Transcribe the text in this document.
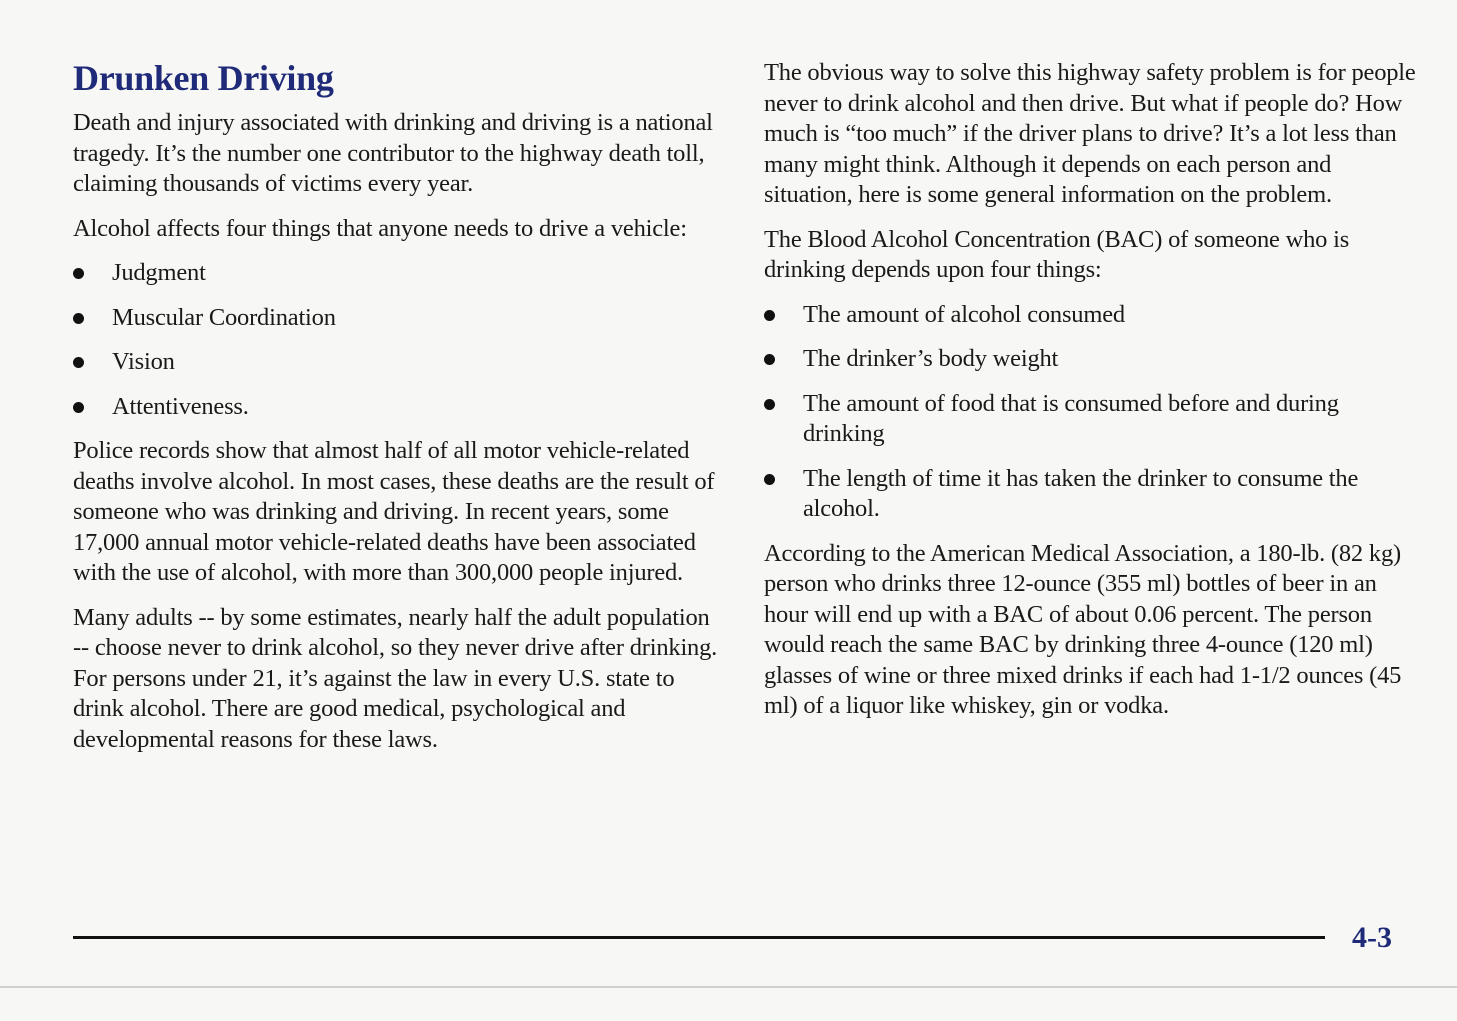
Drunken Driving

Death and injury associated with drinking and driving is a national tragedy. It’s the number one contributor to the highway death toll, claiming thousands of victims every year.

Alcohol affects four things that anyone needs to drive a vehicle:

Judgment
Muscular Coordination
Vision
Attentiveness.

Police records show that almost half of all motor vehicle-related deaths involve alcohol. In most cases, these deaths are the result of someone who was drinking and driving. In recent years, some 17,000 annual motor vehicle-related deaths have been associated with the use of alcohol, with more than 300,000 people injured.

Many adults -- by some estimates, nearly half the adult population -- choose never to drink alcohol, so they never drive after drinking. For persons under 21, it’s against the law in every U.S. state to drink alcohol. There are good medical, psychological and developmental reasons for these laws.

The obvious way to solve this highway safety problem is for people never to drink alcohol and then drive. But what if people do? How much is “too much” if the driver plans to drive? It’s a lot less than many might think. Although it depends on each person and situation, here is some general information on the problem.

The Blood Alcohol Concentration (BAC) of someone who is drinking depends upon four things:

The amount of alcohol consumed
The drinker’s body weight
The amount of food that is consumed before and during drinking
The length of time it has taken the drinker to consume the alcohol.

According to the American Medical Association, a 180-lb. (82 kg) person who drinks three 12-ounce (355 ml) bottles of beer in an hour will end up with a BAC of about 0.06 percent. The person would reach the same BAC by drinking three 4-ounce (120 ml) glasses of wine or three mixed drinks if each had 1-1/2 ounces (45 ml) of a liquor like whiskey, gin or vodka.

4-3
